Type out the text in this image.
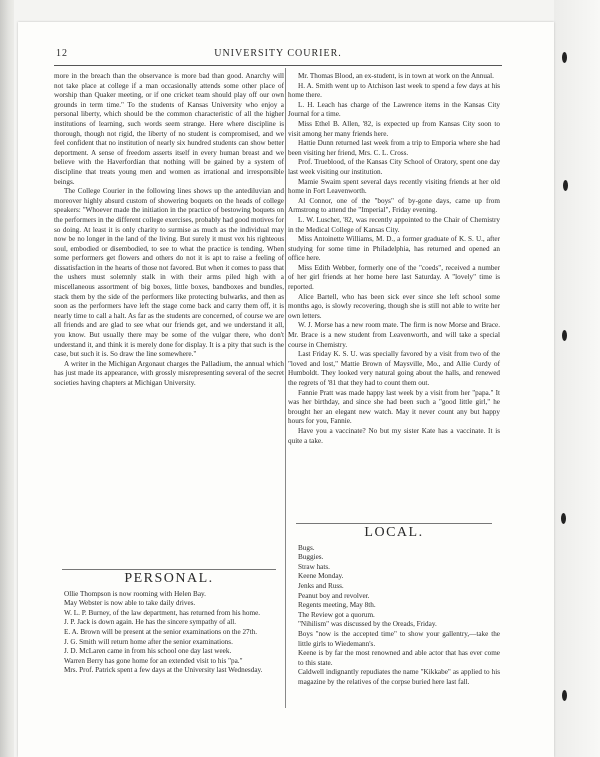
12	UNIVERSITY COURIER.

more in the breach than the observance is more bad than good. Anarchy will not take place at college if a man occasionally attends some other place of worship than Quaker meeting, or if one cricket team should play off our own grounds in term time." To the students of Kansas University who enjoy a personal liberty, which should be the common characteristic of all the higher institutions of learning, such words seem strange. Here where discipline is thorough, though not rigid, the liberty of no student is compromised, and we feel confident that no institution of nearly six hundred students can show better deportment. A sense of freedom asserts itself in every human breast and we believe with the Haverfordian that nothing will be gained by a system of discipline that treats young men and women as irrational and irresponsible beings.

The College Courier in the following lines shows up the antediluvian and moreover highly absurd custom of showering boquets on the heads of college speakers: "Whoever made the initiation in the practice of bestowing boquets on the performers in the different college exercises, probably had good motives for so doing. At least it is only charity to surmise as much as the individual may now be no longer in the land of the living. But surely it must vex his righteous soul, embodied or disembodied, to see to what the practice is tending. When some performers get flowers and others do not it is apt to raise a feeling of dissatisfaction in the hearts of those not favored. But when it comes to pass that the ushers must solemnly stalk in with their arms piled high with a miscellaneous assortment of big boxes, little boxes, bandboxes and bundles, stack them by the side of the performers like protecting bulwarks, and then as soon as the performers have left the stage come back and carry them off, it is nearly time to call a halt. As far as the students are concerned, of course we are all friends and are glad to see what our friends get, and we understand it all, you know. But usually there may be some of the vulgar there, who don't understand it, and think it is merely done for display. It is a pity that such is the case, but such it is. So draw the line somewhere."

A writer in the Michigan Argonaut charges the Palladium, the annual which has just made its appearance, with grossly misrepresenting several of the secret societies having chapters at Michigan University.

PERSONAL.

Ollie Thompson is now rooming with Helen Bay.

May Webster is now able to take daily drives.

W. L. P. Burney, of the law department, has returned from his home.

J. P. Jack is down again. He has the sincere sympathy of all.

E. A. Brown will be present at the senior examinations on the 27th.

J. G. Smith will return home after the senior examinations.

J. D. McLaren came in from his school one day last week.

Warren Berry has gone home for an extended visit to his "pa."

Mrs. Prof. Patrick spent a few days at the University last Wednesday.

Mr. Thomas Blood, an ex-student, is in town at work on the Annual.

H. A. Smith went up to Atchison last week to spend a few days at his home there.

L. H. Leach has charge of the Lawrence items in the Kansas City Journal for a time.

Miss Ethel B. Allen, '82, is expected up from Kansas City soon to visit among her many friends here.

Hattie Dunn returned last week from a trip to Emporia where she had been visiting her friend, Mrs. C. L. Cross.

Prof. Trueblood, of the Kansas City School of Oratory, spent one day last week visiting our institution.

Mamie Swaim spent several days recently visiting friends at her old home in Fort Leavenworth.

Al Connor, one of the "boys" of by-gone days, came up from Armstrong to attend the "Imperial", Friday evening.

L. W. Luscher, '82, was recently appointed to the Chair of Chemistry in the Medical College of Kansas City.

Miss Antoinette Williams, M. D., a former graduate of K. S. U., after studying for some time in Philadelphia, has returned and opened an office here.

Miss Edith Webber, formerly one of the "coeds", received a number of her girl friends at her home here last Saturday. A "lovely" time is reported.

Alice Bartell, who has been sick ever since she left school some months ago, is slowly recovering, though she is still not able to write her own letters.

W. J. Morse has a new room mate. The firm is now Morse and Brace. Mr. Brace is a new student from Leavenworth, and will take a special course in Chemistry.

Last Friday K. S. U. was specially favored by a visit from two of the "loved and lost," Mattie Brown of Maysville, Mo., and Allie Curdy of Humboldt. They looked very natural going about the halls, and renewed the regrets of '81 that they had to count them out.

Fannie Pratt was made happy last week by a visit from her "papa." It was her birthday, and since she had been such a "good little girl," he brought her an elegant new watch. May it never count any but happy hours for you, Fannie.

Have you a vaccinate? No but my sister Kate has a vaccinate. It is quite a take.

LOCAL.

Bugs.

Buggies.

Straw hats.

Keene Monday.

Jenks and Russ.

Peanut boy and revolver.

Regents meeting, May 8th.

The Review got a quorum.

"Nihilism" was discussed by the Oreads, Friday.

Boys "now is the accepted time" to show your gallentry,—take the little girls to Wiedemann's.

Keene is by far the most renowned and able actor that has ever come to this state.

Caldwell indignantly repudiates the name "Kikkabe" as applied to his magazine by the relatives of the corpse buried here last fall.
